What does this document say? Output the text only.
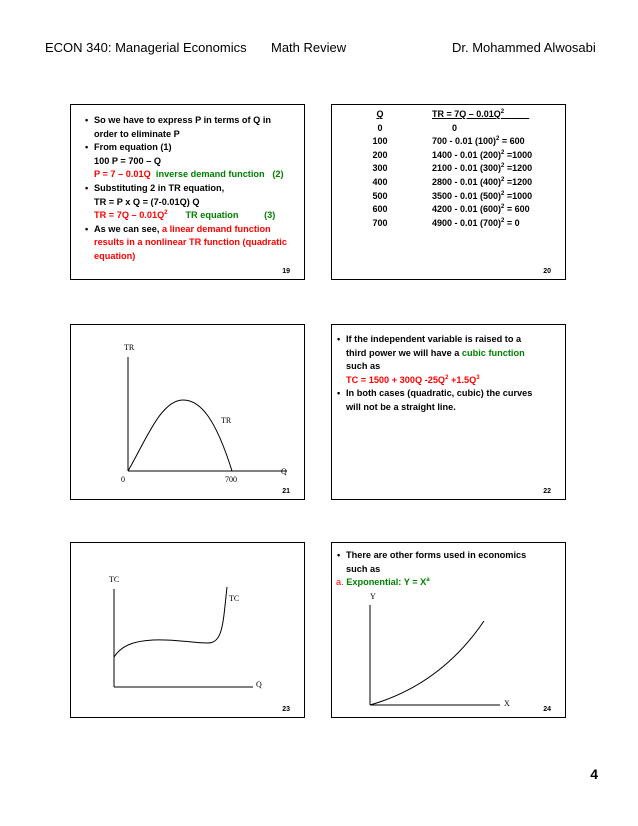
ECON 340: Managerial Economics Math Review	Dr. Mohammed Alwosabi
• So we have to express P in terms of Q in
order to eliminate P
• From equation (1)
100 P = 700 – Q
P = 7 – 0.01Q inverse demand function (2)
• Substituting 2 in TR equation,
TR = P x Q = (7-0.01Q) Q
TR = $7Q - 0.01Q^2$ TR equation	(3)
• As we can see, a linear demand function
results in a nonlinear TR function (quadratic
equation)
19
Q	TR = $7Q - 0.01Q^2$
0	0
100	700 - 0.01 $(100)^2 = 600$
200	1400 - 0.01 $(200)^2 =1000$
300	2100 - 0.01 $(300)^2 =1200$
400	2800 - 0.01 $(400)^2 =1200$
500	3500 - 0.01 $(500)^2 =1000$
600	4200 - 0.01 $(600)^2 = 600$
700	4900 - 0.01 $(700)^2 = 0$
20
TR
TR
Q
0	700
21
• If the independent variable is raised to a
third power we will have a cubic function
such as
TC = 1500 + 300Q $-25Q^2 +1.5Q^3$
• In both cases (quadratic, cubic) the curves
will not be a straight line.
22
TC
TC
Q
23
• There are other forms used in economics
such as
a. Exponential: $Y = X^a$
Y
X
24
4
